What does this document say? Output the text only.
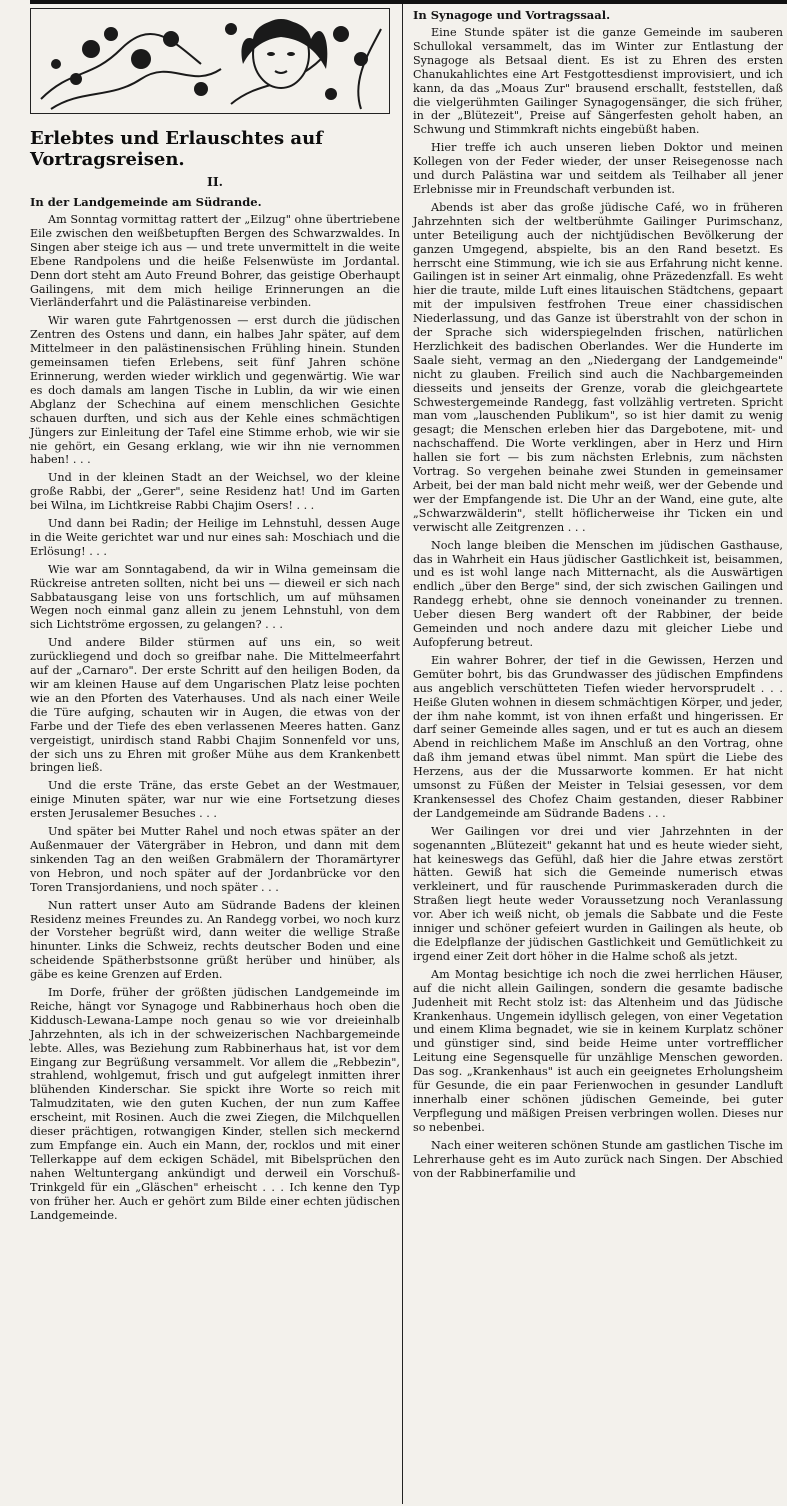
Erlebtes und Erlauschtes auf Vortragsreisen.
II.
In der Landgemeinde am Südrande.

Am Sonntag vormittag rattert der „Eilzug" ohne übertriebene Eile zwischen den weißbetupften Bergen des Schwarzwaldes. In Singen aber steige ich aus — und trete unvermittelt in die weite Ebene Randpolens und die heiße Felsenwüste im Jordantal. Denn dort steht am Auto Freund Bohrer, das geistige Oberhaupt Gailingens, mit dem mich heilige Erinnerungen an die Vierländerfahrt und die Palästinareise verbinden.

Wir waren gute Fahrtgenossen — erst durch die jüdischen Zentren des Ostens und dann, ein halbes Jahr später, auf dem Mittelmeer in den palästinensischen Frühling hinein. Stunden gemeinsamen tiefen Erlebens, seit fünf Jahren schöne Erinnerung, werden wieder wirklich und gegenwärtig. Wie war es doch damals am langen Tische in Lublin, da wir wie einen Abglanz der Schechina auf einem menschlichen Gesichte schauen durften, und sich aus der Kehle eines schmächtigen Jüngers zur Einleitung der Tafel eine Stimme erhob, wie wir sie nie gehört, ein Gesang erklang, wie wir ihn nie vernommen haben! . . .

Und in der kleinen Stadt an der Weichsel, wo der kleine große Rabbi, der „Gerer", seine Residenz hat! Und im Garten bei Wilna, im Lichtkreise Rabbi Chajim Osers! . . .

Und dann bei Radin; der Heilige im Lehnstuhl, dessen Auge in die Weite gerichtet war und nur eines sah: Moschiach und die Erlösung! . . .

Wie war am Sonntagabend, da wir in Wilna gemeinsam die Rückreise antreten sollten, nicht bei uns — dieweil er sich nach Sabbatausgang leise von uns fortschlich, um auf mühsamen Wegen noch einmal ganz allein zu jenem Lehnstuhl, von dem sich Lichtströme ergossen, zu gelangen? . . .

Und andere Bilder stürmen auf uns ein, so weit zurückliegend und doch so greifbar nahe. Die Mittelmeerfahrt auf der „Carnaro". Der erste Schritt auf den heiligen Boden, da wir am kleinen Hause auf dem Ungarischen Platz leise pochten wie an den Pforten des Vaterhauses. Und als nach einer Weile die Türe aufging, schauten wir in Augen, die etwas von der Farbe und der Tiefe des eben verlassenen Meeres hatten. Ganz vergeistigt, unirdisch stand Rabbi Chajim Sonnenfeld vor uns, der sich uns zu Ehren mit großer Mühe aus dem Krankenbett bringen ließ.

Und die erste Träne, das erste Gebet an der Westmauer, einige Minuten später, war nur wie eine Fortsetzung dieses ersten Jerusalemer Besuches . . .

Und später bei Mutter Rahel und noch etwas später an der Außenmauer der Vätergräber in Hebron, und dann mit dem sinkenden Tag an den weißen Grabmälern der Thoramärtyrer von Hebron, und noch später auf der Jordanbrücke vor den Toren Transjordaniens, und noch später . . .

Nun rattert unser Auto am Südrande Badens der kleinen Residenz meines Freundes zu. An Randegg vorbei, wo noch kurz der Vorsteher begrüßt wird, dann weiter die wellige Straße hinunter. Links die Schweiz, rechts deutscher Boden und eine scheidende Spätherbstsonne grüßt herüber und hinüber, als gäbe es keine Grenzen auf Erden.

Im Dorfe, früher der größten jüdischen Landgemeinde im Reiche, hängt vor Synagoge und Rabbinerhaus hoch oben die Kiddusch-Lewana-Lampe noch genau so wie vor dreieinhalb Jahrzehnten, als ich in der schweizerischen Nachbargemeinde lebte. Alles, was Beziehung zum Rabbinerhaus hat, ist vor dem Eingang zur Begrüßung versammelt. Vor allem die „Rebbezin", strahlend, wohlgemut, frisch und gut aufgelegt inmitten ihrer blühenden Kinderschar. Sie spickt ihre Worte so reich mit Talmudzitaten, wie den guten Kuchen, der nun zum Kaffee erscheint, mit Rosinen. Auch die zwei Ziegen, die Milchquellen dieser prächtigen, rotwangigen Kinder, stellen sich meckernd zum Empfange ein. Auch ein Mann, der, rocklos und mit einer Tellerkappe auf dem eckigen Schädel, mit Bibelsprüchen den nahen Weltuntergang ankündigt und derweil ein Vorschuß-Trinkgeld für ein „Gläschen" erheischt . . . Ich kenne den Typ von früher her. Auch er gehört zum Bilde einer echten jüdischen Landgemeinde.

In Synagoge und Vortragssaal.

Eine Stunde später ist die ganze Gemeinde im sauberen Schullokal versammelt, das im Winter zur Entlastung der Synagoge als Betsaal dient. Es ist zu Ehren des ersten Chanukahlichtes eine Art Festgottesdienst improvisiert, und ich kann, da das „Moaus Zur" brausend erschallt, feststellen, daß die vielgerühmten Gailinger Synagogensänger, die sich früher, in der „Blütezeit", Preise auf Sängerfesten geholt haben, an Schwung und Stimmkraft nichts eingebüßt haben.

Hier treffe ich auch unseren lieben Doktor und meinen Kollegen von der Feder wieder, der unser Reisegenosse nach und durch Palästina war und seitdem als Teilhaber all jener Erlebnisse mir in Freundschaft verbunden ist.

Abends ist aber das große jüdische Café, wo in früheren Jahrzehnten sich der weltberühmte Gailinger Purimschanz, unter Beteiligung auch der nichtjüdischen Bevölkerung der ganzen Umgegend, abspielte, bis an den Rand besetzt. Es herrscht eine Stimmung, wie ich sie aus Erfahrung nicht kenne. Gailingen ist in seiner Art einmalig, ohne Präzedenzfall. Es weht hier die traute, milde Luft eines litauischen Städtchens, gepaart mit der impulsiven festfrohen Treue einer chassidischen Niederlassung, und das Ganze ist überstrahlt von der schon in der Sprache sich widerspiegelnden frischen, natürlichen Herzlichkeit des badischen Oberlandes. Wer die Hunderte im Saale sieht, vermag an den „Niedergang der Landgemeinde" nicht zu glauben. Freilich sind auch die Nachbargemeinden diesseits und jenseits der Grenze, vorab die gleichgeartete Schwestergemeinde Randegg, fast vollzählig vertreten. Spricht man vom „lauschenden Publikum", so ist hier damit zu wenig gesagt; die Menschen erleben hier das Dargebotene, mit- und nachschaffend. Die Worte verklingen, aber in Herz und Hirn hallen sie fort — bis zum nächsten Erlebnis, zum nächsten Vortrag. So vergehen beinahe zwei Stunden in gemeinsamer Arbeit, bei der man bald nicht mehr weiß, wer der Gebende und wer der Empfangende ist. Die Uhr an der Wand, eine gute, alte „Schwarzwälderin", stellt höflicherweise ihr Ticken ein und verwischt alle Zeitgrenzen . . .

Noch lange bleiben die Menschen im jüdischen Gasthause, das in Wahrheit ein Haus jüdischer Gastlichkeit ist, beisammen, und es ist wohl lange nach Mitternacht, als die Auswärtigen endlich „über den Berge" sind, der sich zwischen Gailingen und Randegg erhebt, ohne sie dennoch voneinander zu trennen. Ueber diesen Berg wandert oft der Rabbiner, der beide Gemeinden und noch andere dazu mit gleicher Liebe und Aufopferung betreut.

Ein wahrer Bohrer, der tief in die Gewissen, Herzen und Gemüter bohrt, bis das Grundwasser des jüdischen Empfindens aus angeblich verschütteten Tiefen wieder hervorsprudelt . . . Heiße Gluten wohnen in diesem schmächtigen Körper, und jeder, der ihm nahe kommt, ist von ihnen erfaßt und hingerissen. Er darf seiner Gemeinde alles sagen, und er tut es auch an diesem Abend in reichlichem Maße im Anschluß an den Vortrag, ohne daß ihm jemand etwas übel nimmt. Man spürt die Liebe des Herzens, aus der die Mussarworte kommen. Er hat nicht umsonst zu Füßen der Meister in Telsiai gesessen, vor dem Krankensessel des Chofez Chaim gestanden, dieser Rabbiner der Landgemeinde am Südrande Badens . . .

Wer Gailingen vor drei und vier Jahrzehnten in der sogenannten „Blütezeit" gekannt hat und es heute wieder sieht, hat keineswegs das Gefühl, daß hier die Jahre etwas zerstört hätten. Gewiß hat sich die Gemeinde numerisch etwas verkleinert, und für rauschende Purimmaskeraden durch die Straßen liegt heute weder Voraussetzung noch Veranlassung vor. Aber ich weiß nicht, ob jemals die Sabbate und die Feste inniger und schöner gefeiert wurden in Gailingen als heute, ob die Edelpflanze der jüdischen Gastlichkeit und Gemütlichkeit zu irgend einer Zeit dort höher in die Halme schoß als jetzt.

Am Montag besichtige ich noch die zwei herrlichen Häuser, auf die nicht allein Gailingen, sondern die gesamte badische Judenheit mit Recht stolz ist: das Altenheim und das Jüdische Krankenhaus. Ungemein idyllisch gelegen, von einer Vegetation und einem Klima begnadet, wie sie in keinem Kurplatz schöner und günstiger sind, sind beide Heime unter vortrefflicher Leitung eine Segensquelle für unzählige Menschen geworden. Das sog. „Krankenhaus" ist auch ein geeignetes Erholungsheim für Gesunde, die ein paar Ferienwochen in gesunder Landluft innerhalb einer schönen jüdischen Gemeinde, bei guter Verpflegung und mäßigen Preisen verbringen wollen. Dieses nur so nebenbei.

Nach einer weiteren schönen Stunde am gastlichen Tische im Lehrerhause geht es im Auto zurück nach Singen. Der Abschied von der Rabbinerfamilie und
